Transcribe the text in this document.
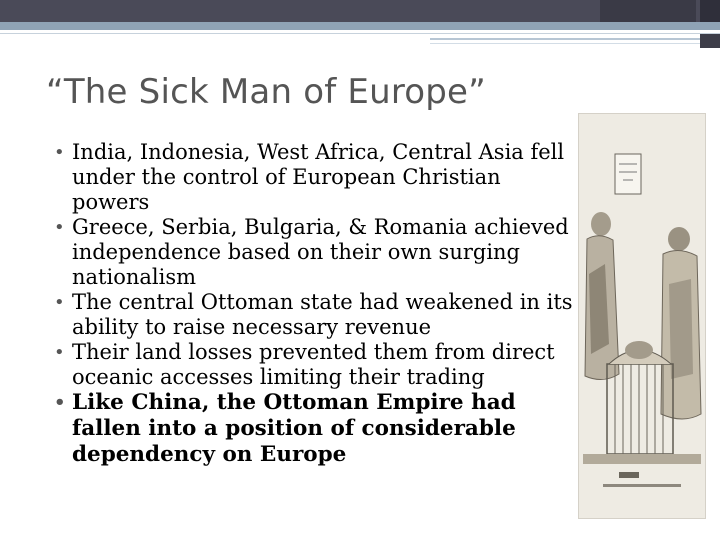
“The Sick Man of Europe”
• India, Indonesia, West Africa, Central Asia fell under the control of European Christian powers
• Greece, Serbia, Bulgaria, & Romania achieved independence based on their own surging nationalism
• The central Ottoman state had weakened in its ability to raise necessary revenue
• Their land losses prevented them from direct oceanic accesses limiting their trading
• Like China, the Ottoman Empire had fallen into a position of considerable dependency on Europe
